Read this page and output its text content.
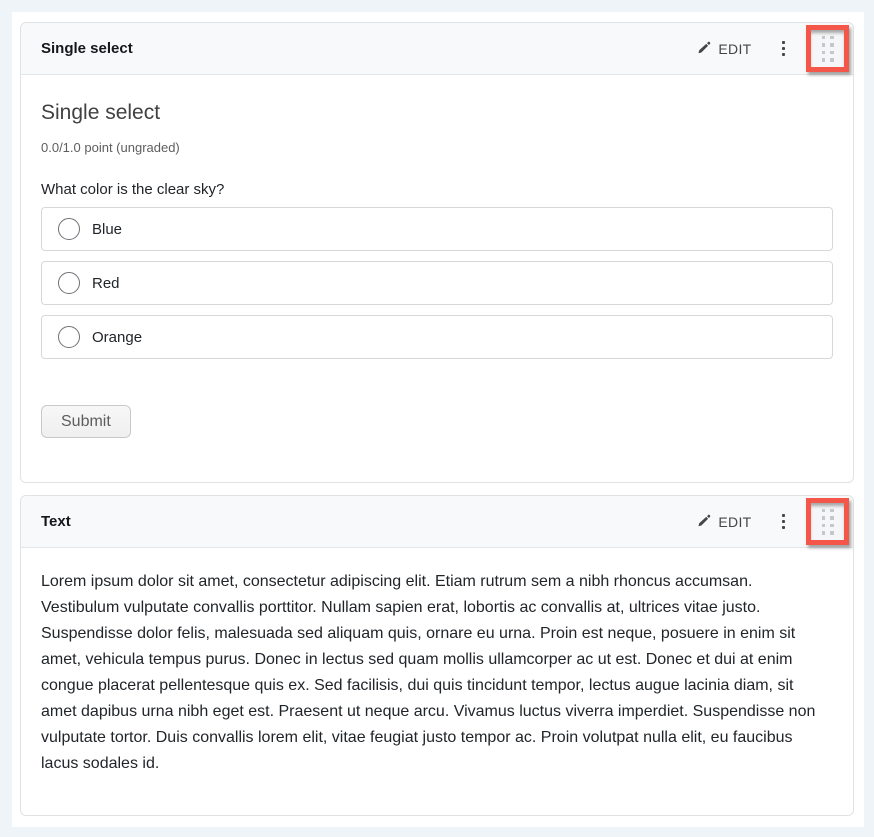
Single select	EDIT
Single select
0.0/1.0 point (ungraded)
What color is the clear sky?
Blue
Red
Orange
Submit
Text	EDIT

Lorem ipsum dolor sit amet, consectetur adipiscing elit. Etiam rutrum sem a nibh rhoncus accumsan. Vestibulum vulputate convallis porttitor. Nullam sapien erat, lobortis ac convallis at, ultrices vitae justo. Suspendisse dolor felis, malesuada sed aliquam quis, ornare eu urna. Proin est neque, posuere in enim sit amet, vehicula tempus purus. Donec in lectus sed quam mollis ullamcorper ac ut est. Donec et dui at enim congue placerat pellentesque quis ex. Sed facilisis, dui quis tincidunt tempor, lectus augue lacinia diam, sit amet dapibus urna nibh eget est. Praesent ut neque arcu. Vivamus luctus viverra imperdiet. Suspendisse non vulputate tortor. Duis convallis lorem elit, vitae feugiat justo tempor ac. Proin volutpat nulla elit, eu faucibus lacus sodales id.
